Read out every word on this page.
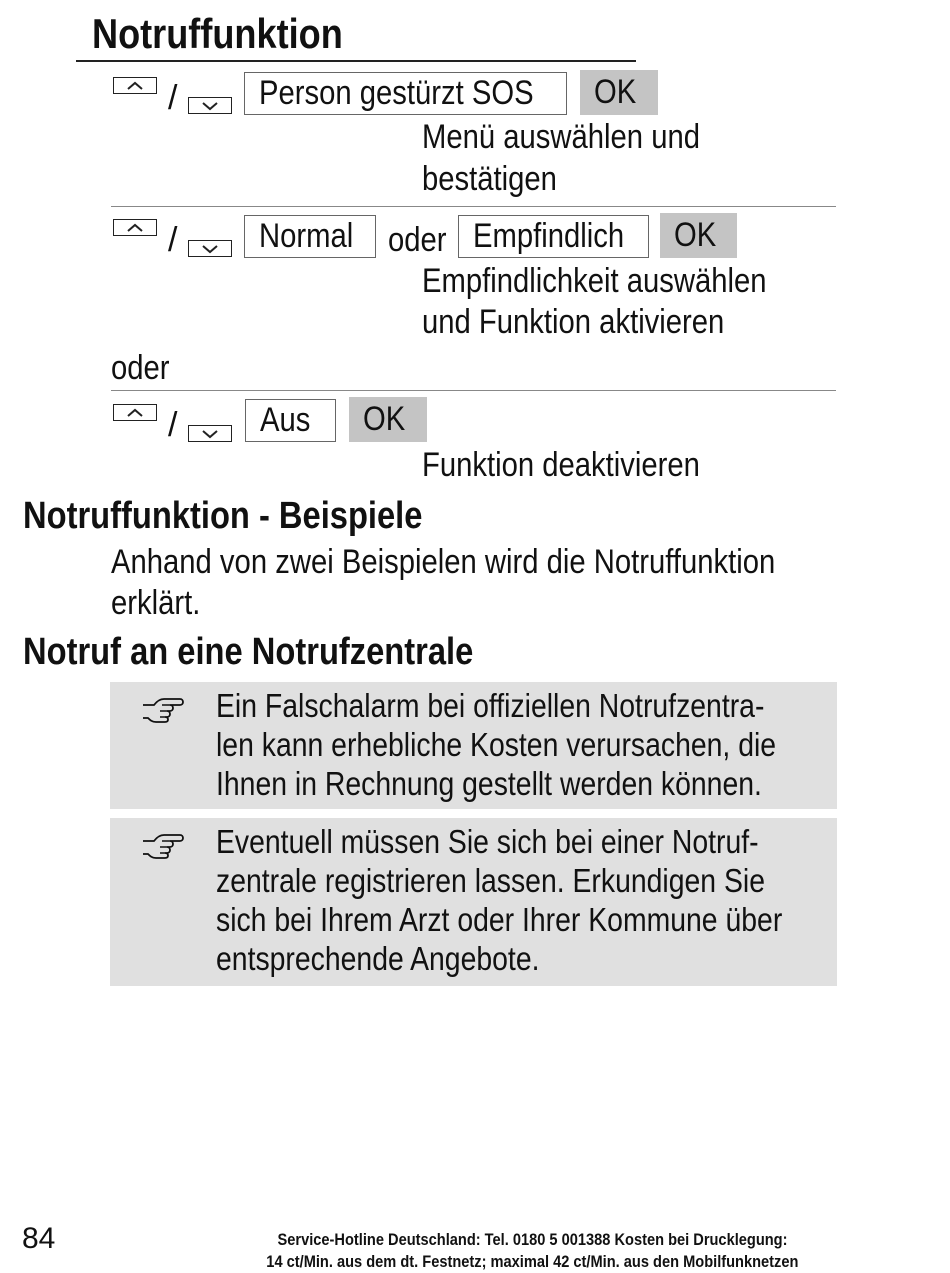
Notruffunktion
/	Person gestürzt SOS	OK
Menü auswählen und
bestätigen
/	Normal	oder Empfindlich	OK
Empfindlichkeit auswählen
und Funktion aktivieren
oder
/	Aus	OK
Funktion deaktivieren
Notruffunktion - Beispiele
Anhand von zwei Beispielen wird die Notruffunktion
erklärt.
Notruf an eine Notrufzentrale
Ein Falschalarm bei offiziellen Notrufzentra-
len kann erhebliche Kosten verursachen, die
Ihnen in Rechnung gestellt werden können.
Eventuell müssen Sie sich bei einer Notruf-
zentrale registrieren lassen. Erkundigen Sie
sich bei Ihrem Arzt oder Ihrer Kommune über
entsprechende Angebote.
84	Service-Hotline Deutschland: Tel. 0180 5 001388 Kosten bei Drucklegung:
14 ct/Min. aus dem dt. Festnetz; maximal 42 ct/Min. aus den Mobilfunknetzen
